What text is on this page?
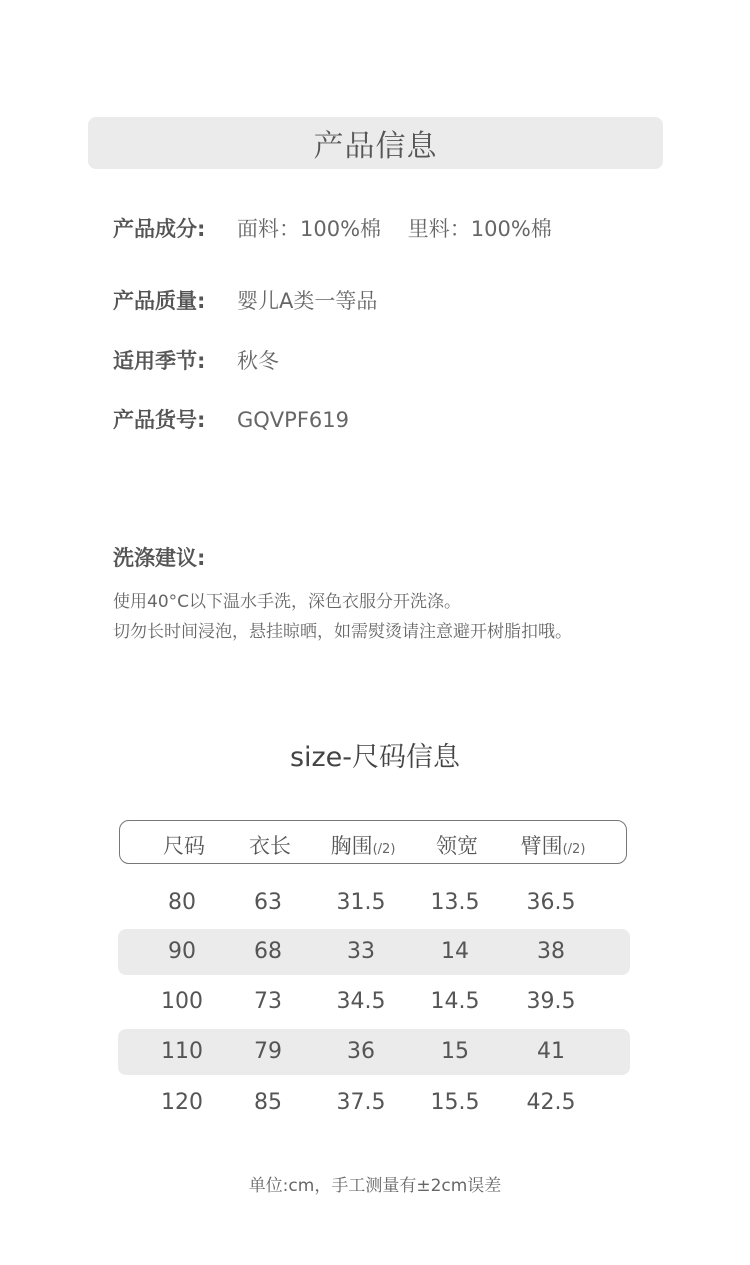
产品信息
产品成分: 面料：100%棉    里料：100%棉
产品质量: 婴儿A类一等品
适用季节: 秋冬
产品货号: GQVPF619
洗涤建议:
使用40°C以下温水手洗，深色衣服分开洗涤。
切勿长时间浸泡，悬挂晾晒，如需熨烫请注意避开树脂扣哦。
size-尺码信息
尺码 衣长 胸围(/2) 领宽 臂围(/2)
80	63 31.5 13.5 36.5
90	68	33	14	38
100 73 34.5 14.5 39.5
110 79	36	15	41
120 85 37.5 15.5 42.5
单位:cm，手工测量有±2cm误差
